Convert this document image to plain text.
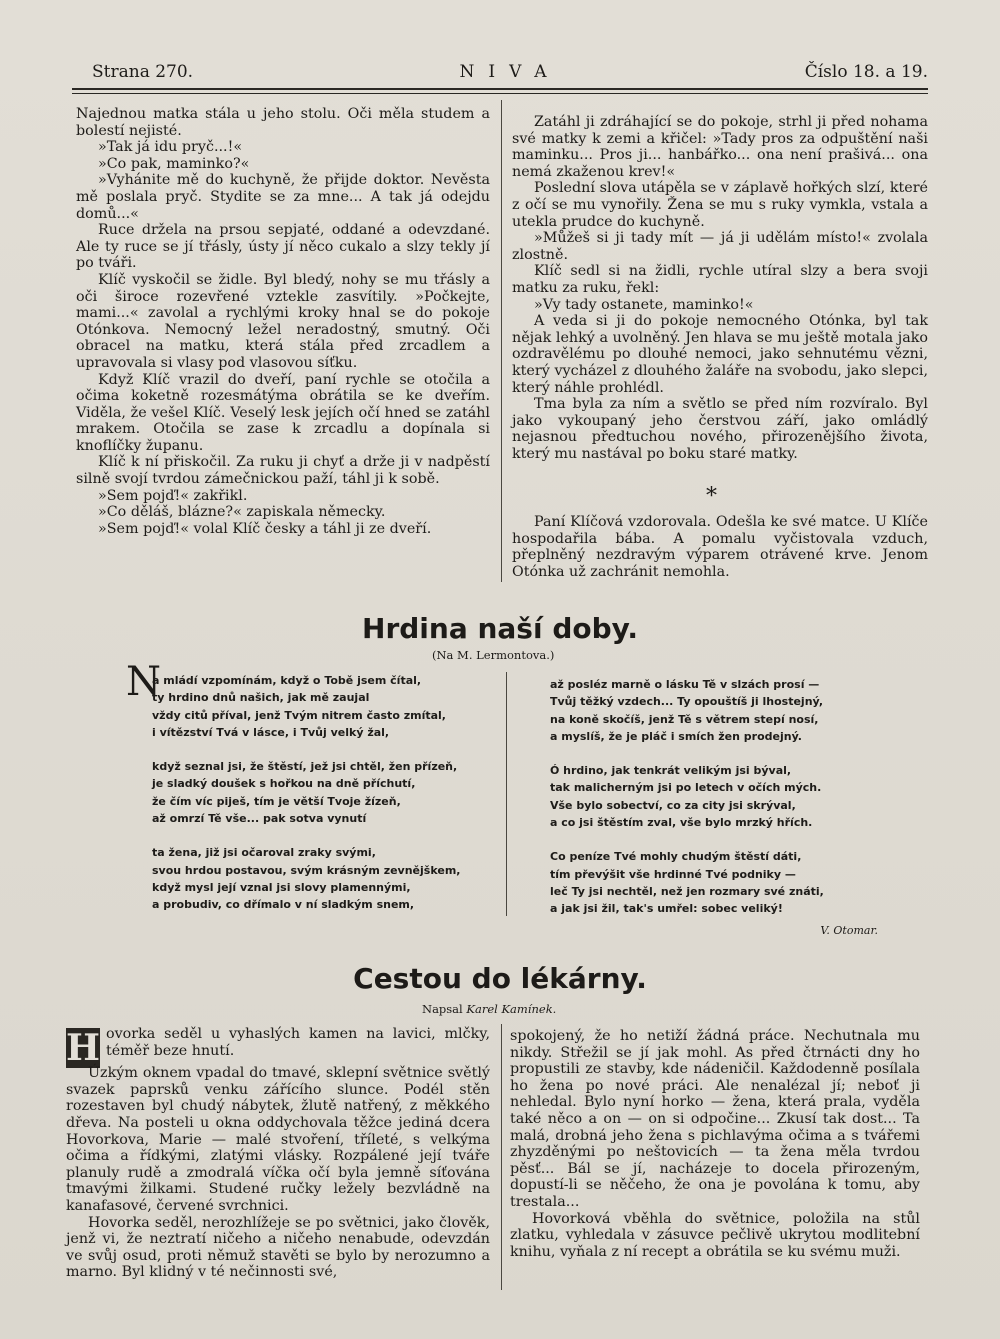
Strana 270.	NIVA	Číslo 18. a 19.

Najednou matka stála u jeho stolu. Oči měla studem a bolestí nejisté.

»Tak já idu pryč...!«

»Co pak, maminko?«

»Vyhánite mě do kuchyně, že přijde doktor. Nevěsta mě poslala pryč. Stydite se za mne... A tak já odejdu domů...«

Ruce držela na prsou sepjaté, oddané a odevzdané. Ale ty ruce se jí třásly, ústy jí něco cukalo a slzy tekly jí po tváři.

Klíč vyskočil se židle. Byl bledý, nohy se mu třásly a oči široce rozevřené vztekle zasvítily. »Počkejte, mami...« zavolal a rychlými kroky hnal se do pokoje Otónkova. Nemocný ležel neradostný, smutný. Oči obracel na matku, která stála před zrcadlem a upravovala si vlasy pod vlasovou síťku.

Když Klíč vrazil do dveří, paní rychle se otočila a očima koketně rozesmátýma obrátila se ke dveřím. Viděla, že vešel Klíč. Veselý lesk jejích očí hned se zatáhl mrakem. Otočila se zase k zrcadlu a dopínala si knoflíčky županu.

Klíč k ní přiskočil. Za ruku ji chyť a drže ji v nadpěstí silně svojí tvrdou zámečnickou paží, táhl ji k sobě.

»Sem pojď!« zakřikl.

»Co děláš, blázne?« zapiskala německy.

»Sem pojď!« volal Klíč česky a táhl ji ze dveří.

Zatáhl ji zdráhající se do pokoje, strhl ji před nohama své matky k zemi a křičel: »Tady pros za odpuštění naši maminku... Pros ji... hanbářko... ona není prašivá... ona nemá zkaženou krev!«

Poslední slova utápěla se v záplavě hořkých slzí, které z očí se mu vynořily. Žena se mu s ruky vymkla, vstala a utekla prudce do kuchyně.

»Můžeš si ji tady mít — já ji udělám místo!« zvolala zlostně.

Klíč sedl si na židli, rychle utíral slzy a bera svoji matku za ruku, řekl:

»Vy tady ostanete, maminko!«

A veda si ji do pokoje nemocného Otónka, byl tak nějak lehký a uvolněný. Jen hlava se mu ještě motala jako ozdravělému po dlouhé nemoci, jako sehnutému vězni, který vycházel z dlouhého žaláře na svobodu, jako slepci, který náhle prohlédl.

Tma byla za ním a světlo se před ním rozvíralo. Byl jako vykoupaný jeho čerstvou září, jako omládlý nejasnou předtuchou nového, přirozenějšího života, který mu nastával po boku staré matky.

*

Paní Klíčová vzdorovala. Odešla ke své matce. U Klíče hospodařila bába. A pomalu vyčistovala vzduch, přeplněný nezdravým výparem otrávené krve. Jenom Otónka už zachránit nemohla.

Hrdina naší doby.
(Na M. Lermontova.)
N
a mládí vzpomínám, když o Tobě jsem čítal,
ty hrdino dnů našich, jak mě zaujal
vždy citů příval, jenž Tvým nitrem často zmítal,
i vítězství Tvá v lásce, i Tvůj velký žal,
když seznal jsi, že štěstí, jež jsi chtěl, žen přízeň,
je sladký doušek s hořkou na dně příchutí,
že čím víc piješ, tím je větší Tvoje žízeň,
až omrzí Tě vše... pak sotva vynutí
ta žena, již jsi očaroval zraky svými,
svou hrdou postavou, svým krásným zevnějškem,
když mysl její vznal jsi slovy plamennými,
a probudiv, co dřímalo v ní sladkým snem,
až posléz marně o lásku Tě v slzách prosí —
Tvůj těžký vzdech... Ty opouštíš ji lhostejný,
na koně skočíš, jenž Tě s větrem stepí nosí,
a myslíš, že je pláč i smích žen prodejný.
Ó hrdino, jak tenkrát velikým jsi býval,
tak malicherným jsi po letech v očích mých.
Vše bylo sobectví, co za city jsi skrýval,
a co jsi štěstím zval, vše bylo mrzký hřích.
Co peníze Tvé mohly chudým štěstí dáti,
tím převýšit vše hrdinné Tvé podniky —
leč Ty jsi nechtěl, než jen rozmary své znáti,
a jak jsi žil, tak's umřel: sobec veliký!
V. Otomar.
Cestou do lékárny.
Napsal Karel Kamínek.
H ovorka seděl u vyhaslých kamen na lavici, mlčky, téměř beze hnutí.

Úzkým oknem vpadal do tmavé, sklepní světnice světlý svazek paprsků venku zářícího slunce. Podél stěn rozestaven byl chudý nábytek, žlutě natřený, z měkkého dřeva. Na posteli u okna oddychovala těžce jediná dcera Hovorkova, Marie — malé stvoření, tříleté, s velkýma očima a řídkými, zlatými vlásky. Rozpálené její tváře planuly rudě a zmodralá víčka očí byla jemně síťována tmavými žilkami. Studené ručky ležely bezvládně na kanafasové, červené svrchnici.

Hovorka seděl, nerozhlížeje se po světnici, jako člověk, jenž vi, že neztratí ničeho a ničeho nenabude, odevzdán ve svůj osud, proti němuž stavěti se bylo by nerozumno a marno. Byl klidný v té nečinnosti své,

spokojený, že ho netiží žádná práce. Nechutnala mu nikdy. Střežil se jí jak mohl. As před čtrnácti dny ho propustili ze stavby, kde nádeničil. Každodenně posílala ho žena po nové práci. Ale nenalézal jí; neboť ji nehledal. Bylo nyní horko — žena, která prala, vyděla také něco a on — on si odpočine... Zkusí tak dost... Ta malá, drobná jeho žena s pichlavýma očima a s tvářemi zhyzděnými po neštovicích — ta žena měla tvrdou pěsť... Bál se jí, nacházeje to docela přirozeným, dopustí-li se něčeho, že ona je povolána k tomu, aby trestala...

Hovorková vběhla do světnice, položila na stůl zlatku, vyhledala v zásuvce pečlivě ukrytou modlitební knihu, vyňala z ní recept a obrátila se ku svému muži.
